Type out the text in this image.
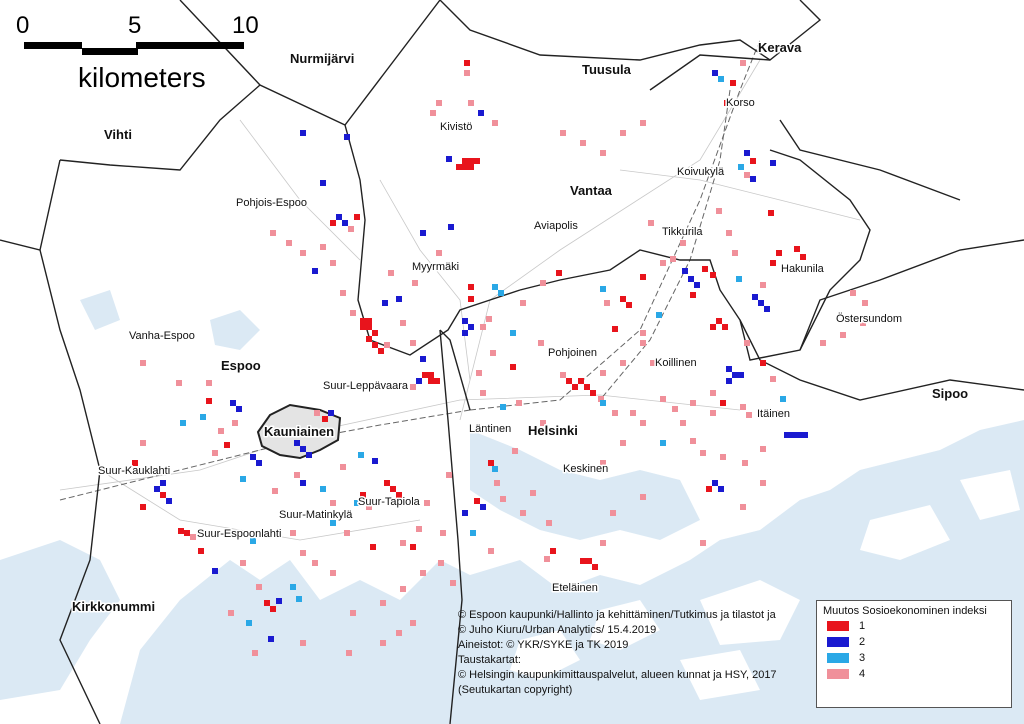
Nurmijärvi
Tuusula
Kerava
Vihti
Vantaa
Espoo
Kauniainen	Helsinki
Sipoo
Kirkkonummi
Korso
Kivistö
Koivukylä
Pohjois-Espoo
Aviapolis	Tikkurila
Myyrmäki	Hakunila
Vanha-Espoo
Östersundom
Pohjoinen
Koillinen
Suur-Leppävaara
Itäinen
Läntinen
Suur-Kauklahti	Keskinen
Suur-Tapiola
Suur-Matinkylä
Suur-Espoonlahti
Eteläinen
0	5	10
kilometers
© Espoon kaupunki/Hallinto ja kehittäminen/Tutkimus ja tilastot ja
© Juho Kiuru/Urban Analytics/ 15.4.2019
Aineistot: © YKR/SYKE ja TK 2019
Taustakartat:
© Helsingin kaupunkimittauspalvelut, alueen kunnat ja HSY, 2017
(Seutukartan copyright)
Muutos Sosioekonominen indeksi
1
2
3
4
